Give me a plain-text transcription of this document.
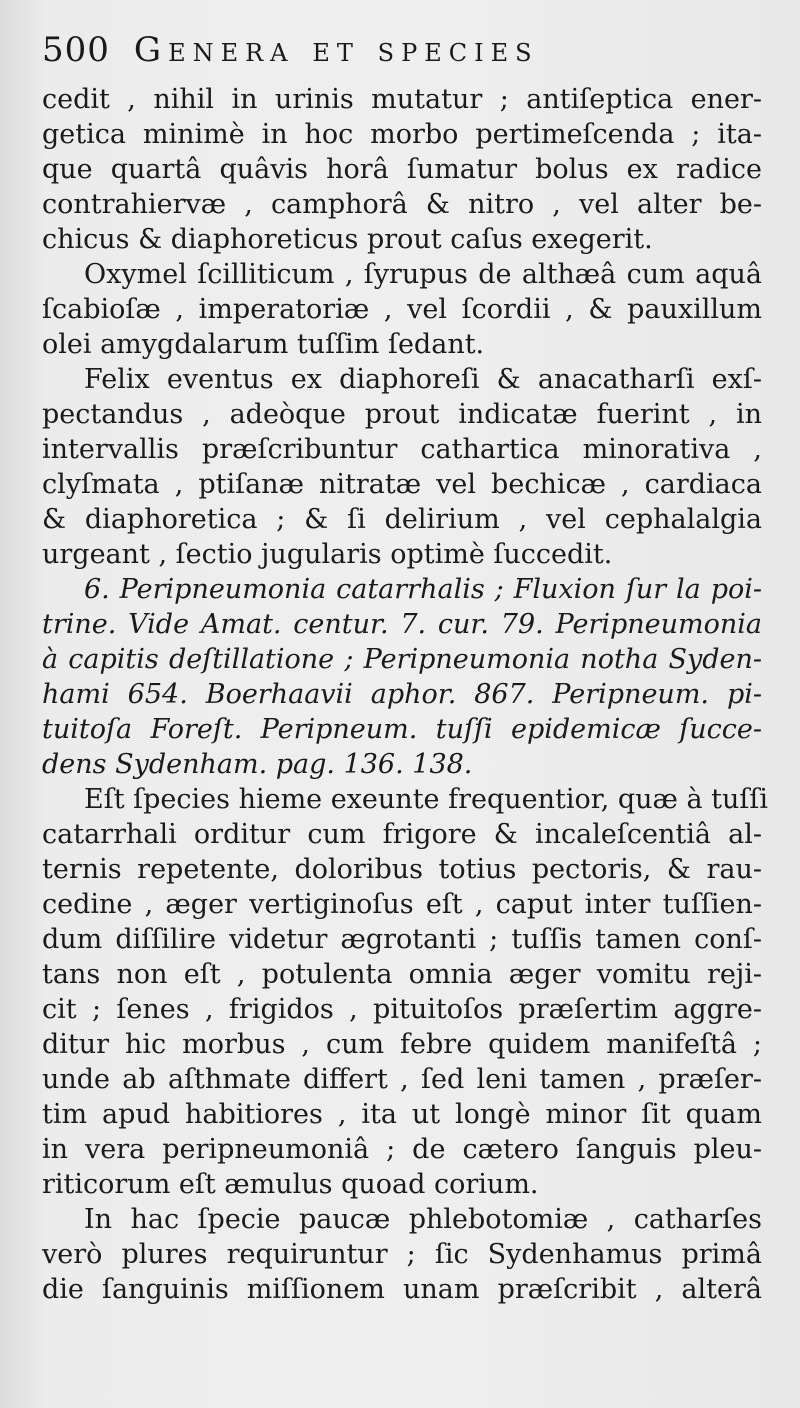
500 Genera et species
cedit , nihil in urinis mutatur ; antiſeptica ener-
getica minimè in hoc morbo pertimeſcenda ; ita-
que quartâ quâvis horâ ſumatur bolus ex radice
contrahiervæ , camphorâ & nitro , vel alter be-
chicus & diaphoreticus prout caſus exegerit.
Oxymel ſcilliticum , ſyrupus de althæâ cum aquâ
ſcabioſæ , imperatoriæ , vel ſcordii , & pauxillum
olei amygdalarum tuſſim ſedant.
Felix eventus ex diaphoreſi & anacatharſi exſ-
pectandus , adeòque prout indicatæ fuerint , in
intervallis præſcribuntur cathartica minorativa ,
clyſmata , ptiſanæ nitratæ vel bechicæ , cardiaca
& diaphoretica ; & ſi delirium , vel cephalalgia
urgeant , ſectio jugularis optimè ſuccedit.
6. Peripneumonia catarrhalis ; Fluxion ſur la poi-
trine. Vide Amat. centur. 7. cur. 79. Peripneumonia
à capitis deſtillatione ; Peripneumonia notha Syden-
hami 654. Boerhaavii aphor. 867. Peripneum. pi-
tuitoſa Foreſt. Peripneum. tuſſi epidemicæ ſucce-
dens Sydenham. pag. 136. 138.
Eſt ſpecies hieme exeunte frequentior, quæ à tuſſi
catarrhali orditur cum frigore & incaleſcentiâ al-
ternis repetente, doloribus totius pectoris, & rau-
cedine , æger vertiginoſus eſt , caput inter tuſſien-
dum diſſilire videtur ægrotanti ; tuſſis tamen conſ-
tans non eſt , potulenta omnia æger vomitu reji-
cit ; ſenes , frigidos , pituitoſos præſertim aggre-
ditur hic morbus , cum febre quidem manifeſtâ ;
unde ab aſthmate differt , ſed leni tamen , præſer-
tim apud habitiores , ita ut longè minor ſit quam
in vera peripneumoniâ ; de cætero ſanguis pleu-
riticorum eſt æmulus quoad corium.
In hac ſpecie paucæ phlebotomiæ , catharſes
verò plures requiruntur ; ſic Sydenhamus primâ
die ſanguinis miſſionem unam præſcribit , alterâ
